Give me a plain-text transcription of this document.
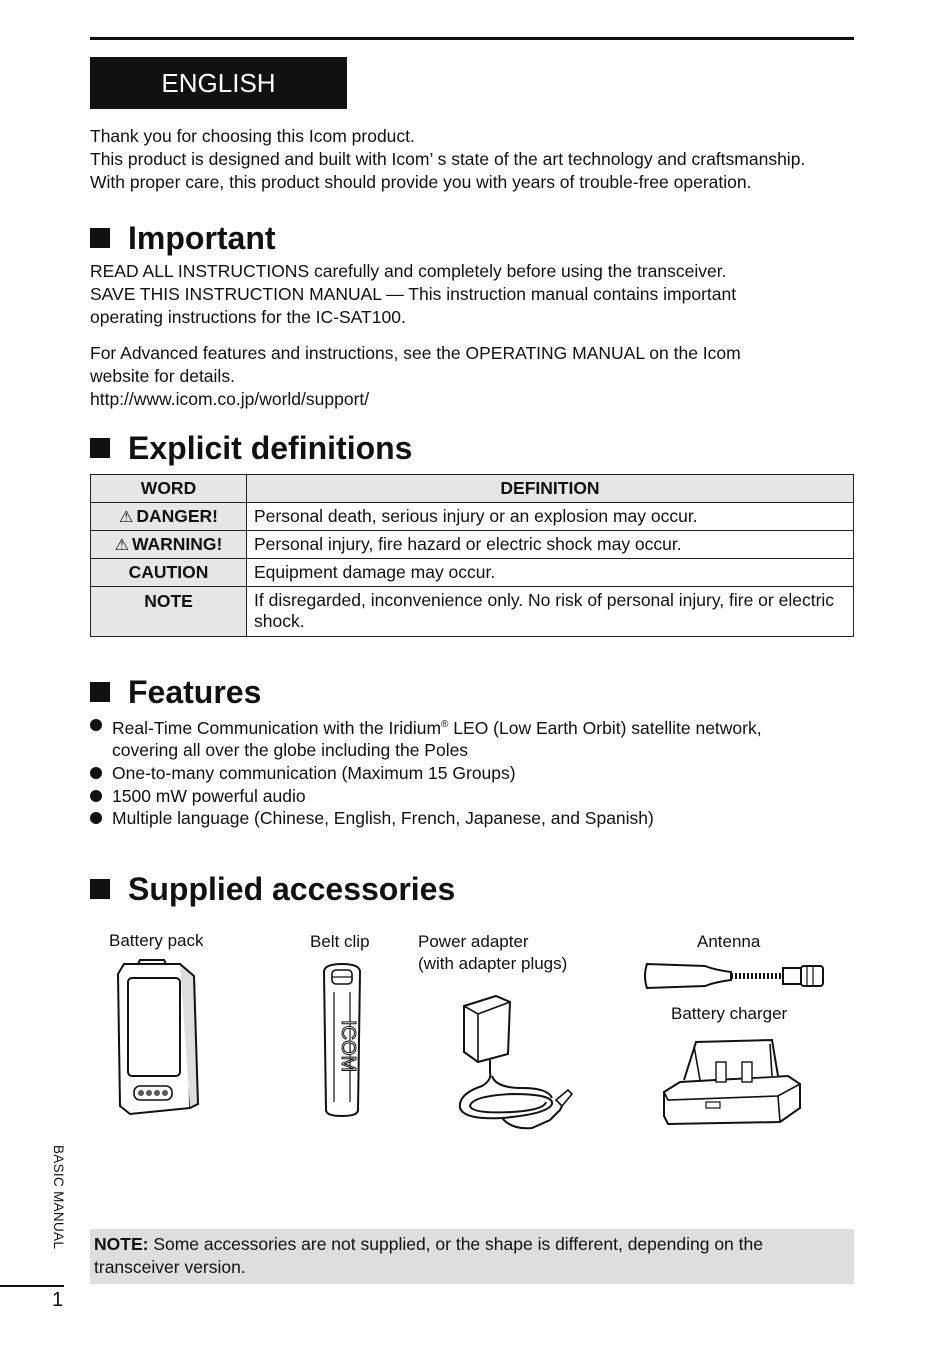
ENGLISH

Thank you for choosing this Icom product.

This product is designed and built with Icom’ s state of the art technology and craftsmanship.

With proper care, this product should provide you with years of trouble-free operation.

Important

READ ALL INSTRUCTIONS carefully and completely before using the transceiver.

SAVE THIS INSTRUCTION MANUAL — This instruction manual contains important

operating instructions for the IC-SAT100.

For Advanced features and instructions, see the OPERATING MANUAL on the Icom

website for details.

http://www.icom.co.jp/world/support/

Explicit definitions
WORD	DEFINITION
⚠ DANGER!	Personal death, serious injury or an explosion may occur.
⚠ WARNING!	Personal injury, fire hazard or electric shock may occur.
CAUTION	Equipment damage may occur.
NOTE	If disregarded, inconvenience only. No risk of personal injury, fire or electric shock.
Features
Real-Time Communication with the Iridium® LEO (Low Earth Orbit) satellite network,
covering all over the globe including the Poles
One-to-many communication (Maximum 15 Groups)
1500 mW powerful audio
Multiple language (Chinese, English, French, Japanese, and Spanish)
Supplied accessories
Battery pack	Belt clip	Power adapter
(with adapter plugs)
Antenna
Battery charger
ICOM
BASIC MANUAL
1

NOTE: Some accessories are not supplied, or the shape is different, depending on the
transceiver version.
